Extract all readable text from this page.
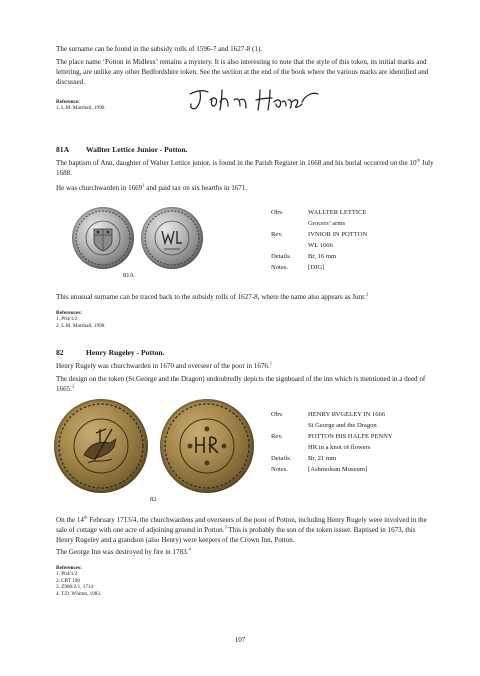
The surname can be found in the subsidy rolls of 1596-7 and 1627-8 (1).

The place name ‘Potton in Midlesx’ remains a mystery. It is also interesting to note that the style of this token, its initial marks and lettering, are unlike any other Bedfordshire token. See the section at the end of the book where the various marks are identified and discussed.

Reference:
1. L.M. Marshall, 1990.
81A Wallter Lettice Junior - Potton.

The baptism of Ann, daughter of Walter Lettice junior, is found in the Parish Register in 1668 and his burial occurred on the 10th July 1688.

He was churchwarden in 1669$^1$ and paid tax on six hearths in 1671.

81A
Obv.	WALLTER LETTICE
Grocers’ arms
Rev.	IVNIOR IN POTTON
WL 1666
Details.	Br, 16 mm
Notes.	[DJG]

This unusual surname can be traced back to the subsidy rolls of 1627-8, where the name also appears as Junr.$^2$

References:
1. P64/1/2
2. L.M. Marshall, 1990.
82	Henry Rugeley - Potton.

Henry Rugely was churchwarden in 1670 and overseer of the poor in 1676.$^1$

The design on the token (St George and the Dragon) undoubtedly depicts the signboard of the inn which is mentioned in a deed of 1665.$^2$

82
Obv.	HENRY RVGELEY IN 1666
St George and the Dragon
Rev.	POTTON HIS HALFE PENNY
HR in a knot of flowers
Details.	Br, 21 mm
Notes.	[Ashmolean Museum]

On the 14th February 1713/4, the churchwardens and overseers of the poor of Potton, including Henry Rugely were involved in the sale of cottage with one acre of adjoining ground in Potton.$^3$ This is probably the son of the token issuer. Baptised in 1673, this Henry Rugeley and a grandson (also Henry) were keepers of the Crown Inn, Potton.

The George Inn was destroyed by fire in 1783.$^4$

References:
1. P64/1/2
2. CRT 190
3. Z980/2/1, 1714
4. T.D. Whittet, 1983.
107
